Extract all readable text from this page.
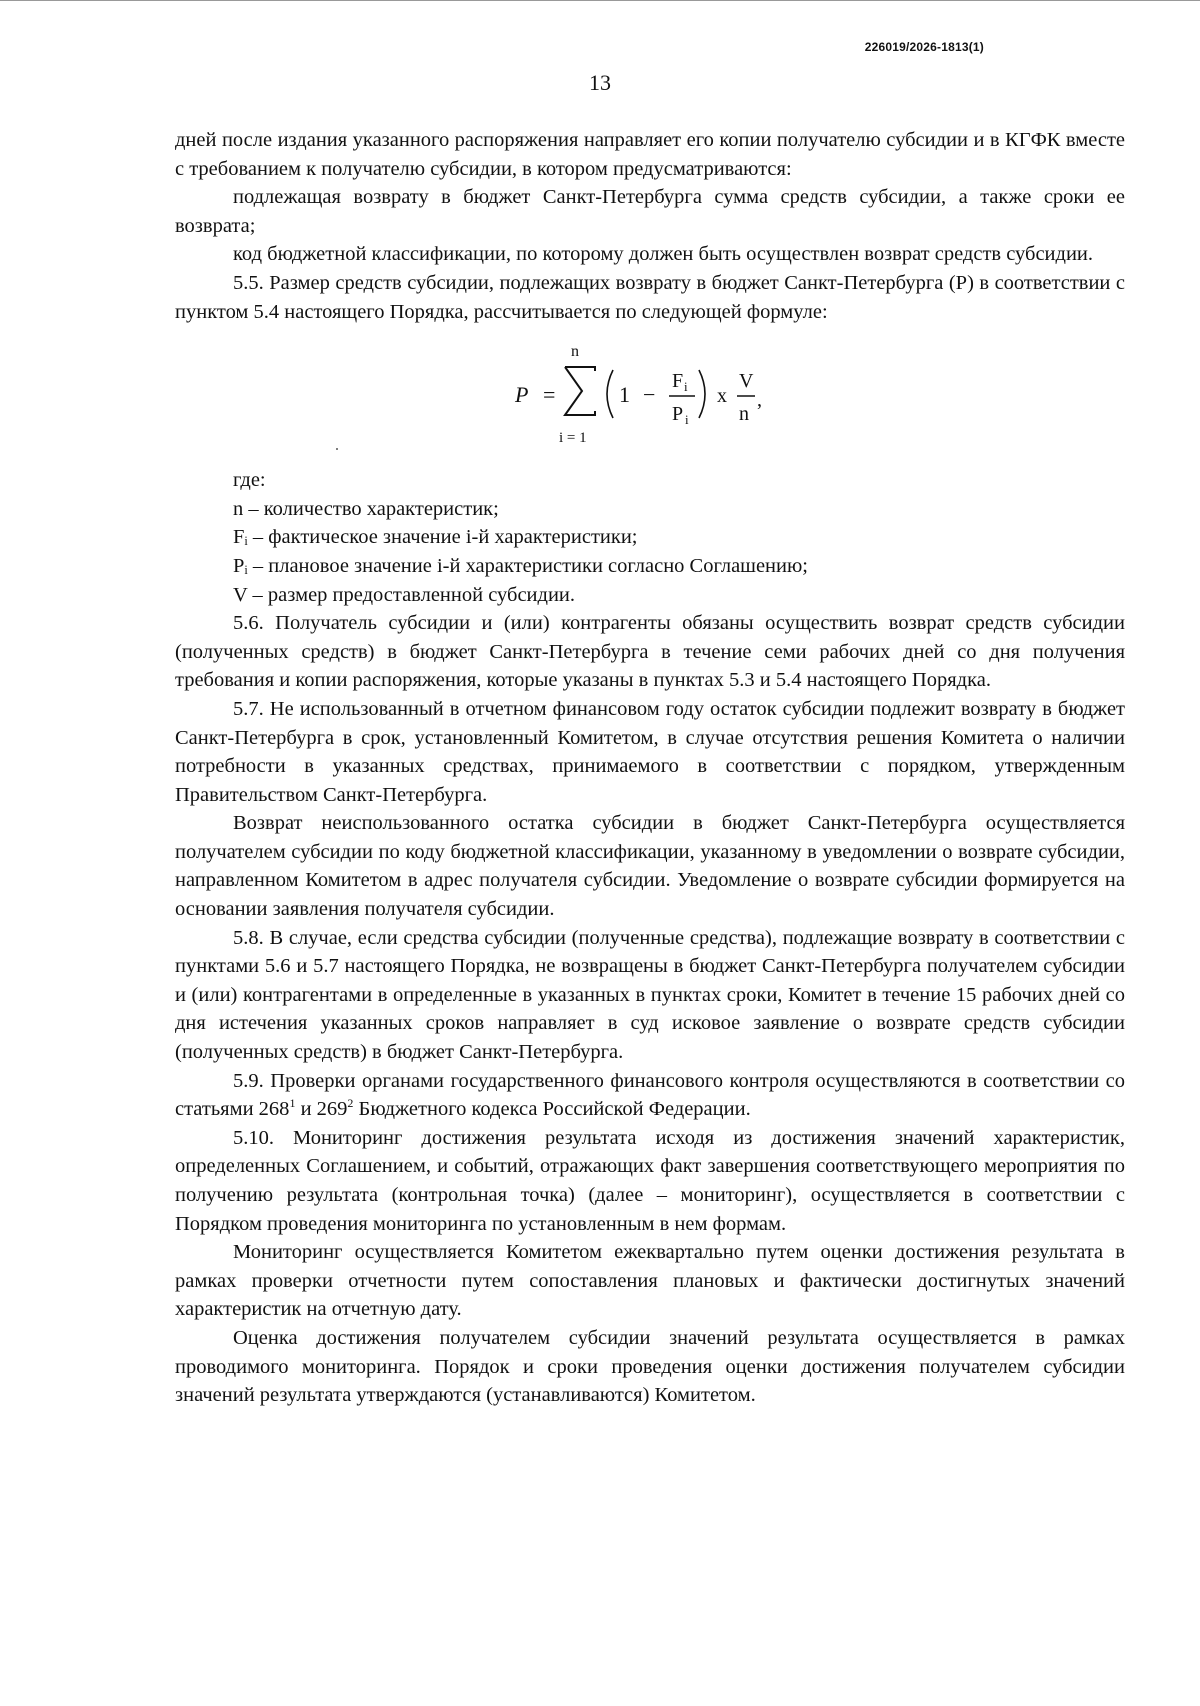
226019/2026-1813(1)
13

дней после издания указанного распоряжения направляет его копии получателю субсидии и в КГФК вместе с требованием к получателю субсидии, в котором предусматриваются:

подлежащая возврату в бюджет Санкт-Петербурга сумма средств субсидии, а также сроки ее возврата;

код бюджетной классификации, по которому должен быть осуществлен возврат средств субсидии.

5.5. Размер средств субсидии, подлежащих возврату в бюджет Санкт-Петербурга (Р) в соответствии с пунктом 5.4 настоящего Порядка, рассчитывается по следующей формуле:

P =
n
i = 1
1 −
F i
P i
x
V
n
,

где:

n – количество характеристик;

Fᵢ – фактическое значение i-й характеристики;

Pᵢ – плановое значение i-й характеристики согласно Соглашению;

V – размер предоставленной субсидии.

5.6. Получатель субсидии и (или) контрагенты обязаны осуществить возврат средств субсидии (полученных средств) в бюджет Санкт-Петербурга в течение семи рабочих дней со дня получения требования и копии распоряжения, которые указаны в пунктах 5.3 и 5.4 настоящего Порядка.

5.7. Не использованный в отчетном финансовом году остаток субсидии подлежит возврату в бюджет Санкт-Петербурга в срок, установленный Комитетом, в случае отсутствия решения Комитета о наличии потребности в указанных средствах, принимаемого в соответствии с порядком, утвержденным Правительством Санкт-Петербурга.

Возврат неиспользованного остатка субсидии в бюджет Санкт-Петербурга осуществляется получателем субсидии по коду бюджетной классификации, указанному в уведомлении о возврате субсидии, направленном Комитетом в адрес получателя субсидии. Уведомление о возврате субсидии формируется на основании заявления получателя субсидии.

5.8. В случае, если средства субсидии (полученные средства), подлежащие возврату в соответствии с пунктами 5.6 и 5.7 настоящего Порядка, не возвращены в бюджет Санкт-Петербурга получателем субсидии и (или) контрагентами в определенные в указанных в пунктах сроки, Комитет в течение 15 рабочих дней со дня истечения указанных сроков направляет в суд исковое заявление о возврате средств субсидии (полученных средств) в бюджет Санкт-Петербурга.

5.9. Проверки органами государственного финансового контроля осуществляются в соответствии со статьями $268^1$ и $269^2$ Бюджетного кодекса Российской Федерации.

5.10. Мониторинг достижения результата исходя из достижения значений характеристик, определенных Соглашением, и событий, отражающих факт завершения соответствующего мероприятия по получению результата (контрольная точка) (далее – мониторинг), осуществляется в соответствии с Порядком проведения мониторинга по установленным в нем формам.

Мониторинг осуществляется Комитетом ежеквартально путем оценки достижения результата в рамках проверки отчетности путем сопоставления плановых и фактически достигнутых значений характеристик на отчетную дату.

Оценка достижения получателем субсидии значений результата осуществляется в рамках проводимого мониторинга. Порядок и сроки проведения оценки достижения получателем субсидии значений результата утверждаются (устанавливаются) Комитетом.
